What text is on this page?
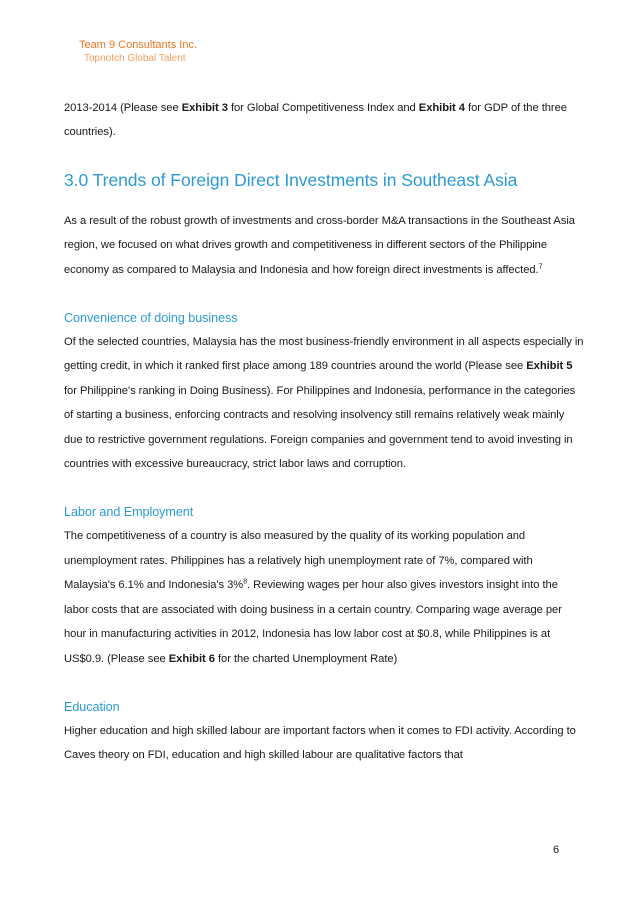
Team 9 Consultants Inc.
Topnotch Global Talent

2013-2014 (Please see Exhibit 3 for Global Competitiveness Index and Exhibit 4 for GDP of the three countries).

3.0 Trends of Foreign Direct Investments in Southeast Asia

As a result of the robust growth of investments and cross-border M&A transactions in the Southeast Asia region, we focused on what drives growth and competitiveness in different sectors of the Philippine economy as compared to Malaysia and Indonesia and how foreign direct investments is affected.$^7$

Convenience of doing business

Of the selected countries, Malaysia has the most business-friendly environment in all aspects especially in getting credit, in which it ranked first place among 189 countries around the world (Please see Exhibit 5 for Philippine's ranking in Doing Business). For Philippines and Indonesia, performance in the categories of starting a business, enforcing contracts and resolving insolvency still remains relatively weak mainly due to restrictive government regulations. Foreign companies and government tend to avoid investing in countries with excessive bureaucracy, strict labor laws and corruption.

Labor and Employment

The competitiveness of a country is also measured by the quality of its working population and unemployment rates. Philippines has a relatively high unemployment rate of 7%, compared with Malaysia's 6.1% and Indonesia's 3%$^8$. Reviewing wages per hour also gives investors insight into the labor costs that are associated with doing business in a certain country. Comparing wage average per hour in manufacturing activities in 2012, Indonesia has low labor cost at $0.8, while Philippines is at US$0.9. (Please see Exhibit 6 for the charted Unemployment Rate)

Education

Higher education and high skilled labour are important factors when it comes to FDI activity. According to Caves theory on FDI, education and high skilled labour are qualitative factors that

6
